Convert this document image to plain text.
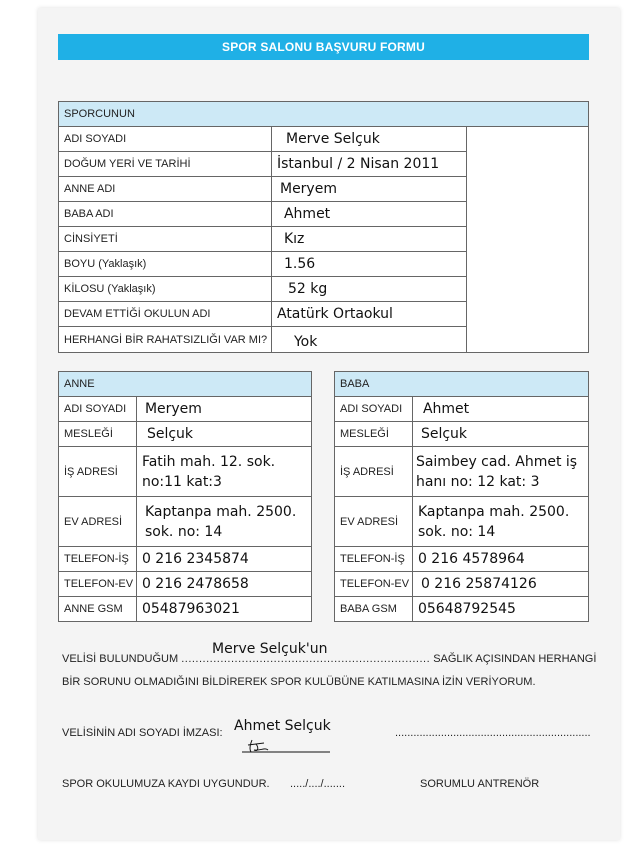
SPOR SALONU BAŞVURU FORMU
SPORCUNUN		
ADI SOYADI	Merve Selçuk	
DOĞUM YERİ VE TARİHİ	İstanbul / 2 Nisan 2011	
ANNE ADI	Meryem	
BABA ADI	Ahmet	
CİNSİYETİ	Kız	
BOYU (Yaklaşık)	1.56	
KİLOSU (Yaklaşık)	52 kg	
DEVAM ETTİĞİ OKULUN ADI	Atatürk Ortaokul	
HERHANGİ BİR RAHATSIZLIĞI VAR MI?	Yok	
ANNE	
ADI SOYADI	Meryem
MESLEĞİ	Selçuk
İŞ ADRESİ	Fatih mah. 12. sok. no:11 kat:3
EV ADRESİ	Kaptanpa mah. 2500. sok. no: 14
TELEFON-İŞ	0 216 2345874
TELEFON-EV	0 216 2478658
ANNE GSM	05487963021
BABA	
ADI SOYADI	Ahmet
MESLEĞİ	Selçuk
İŞ ADRESİ	Saimbey cad. Ahmet iş hanı no: 12 kat: 3
EV ADRESİ	Kaptanpa mah. 2500. sok. no: 14
TELEFON-İŞ	0 216 4578964
TELEFON-EV	0 216 25874126
BABA GSM	05648792545
Merve Selçuk'un
VELİSİ BULUNDUĞUM ...................................................................... SAĞLIK AÇISINDAN HERHANGİ
BİR SORUNU OLMADIĞINI BİLDİREREK SPOR KULÜBÜNE KATILMASINA İZİN VERİYORUM.
VELİSİNİN ADI SOYADI İMZASI: Ahmet Selçuk	................................................................
SPOR OKULUMUZA KAYDI UYGUNDUR. ...../..../.......	SORUMLU ANTRENÖR
